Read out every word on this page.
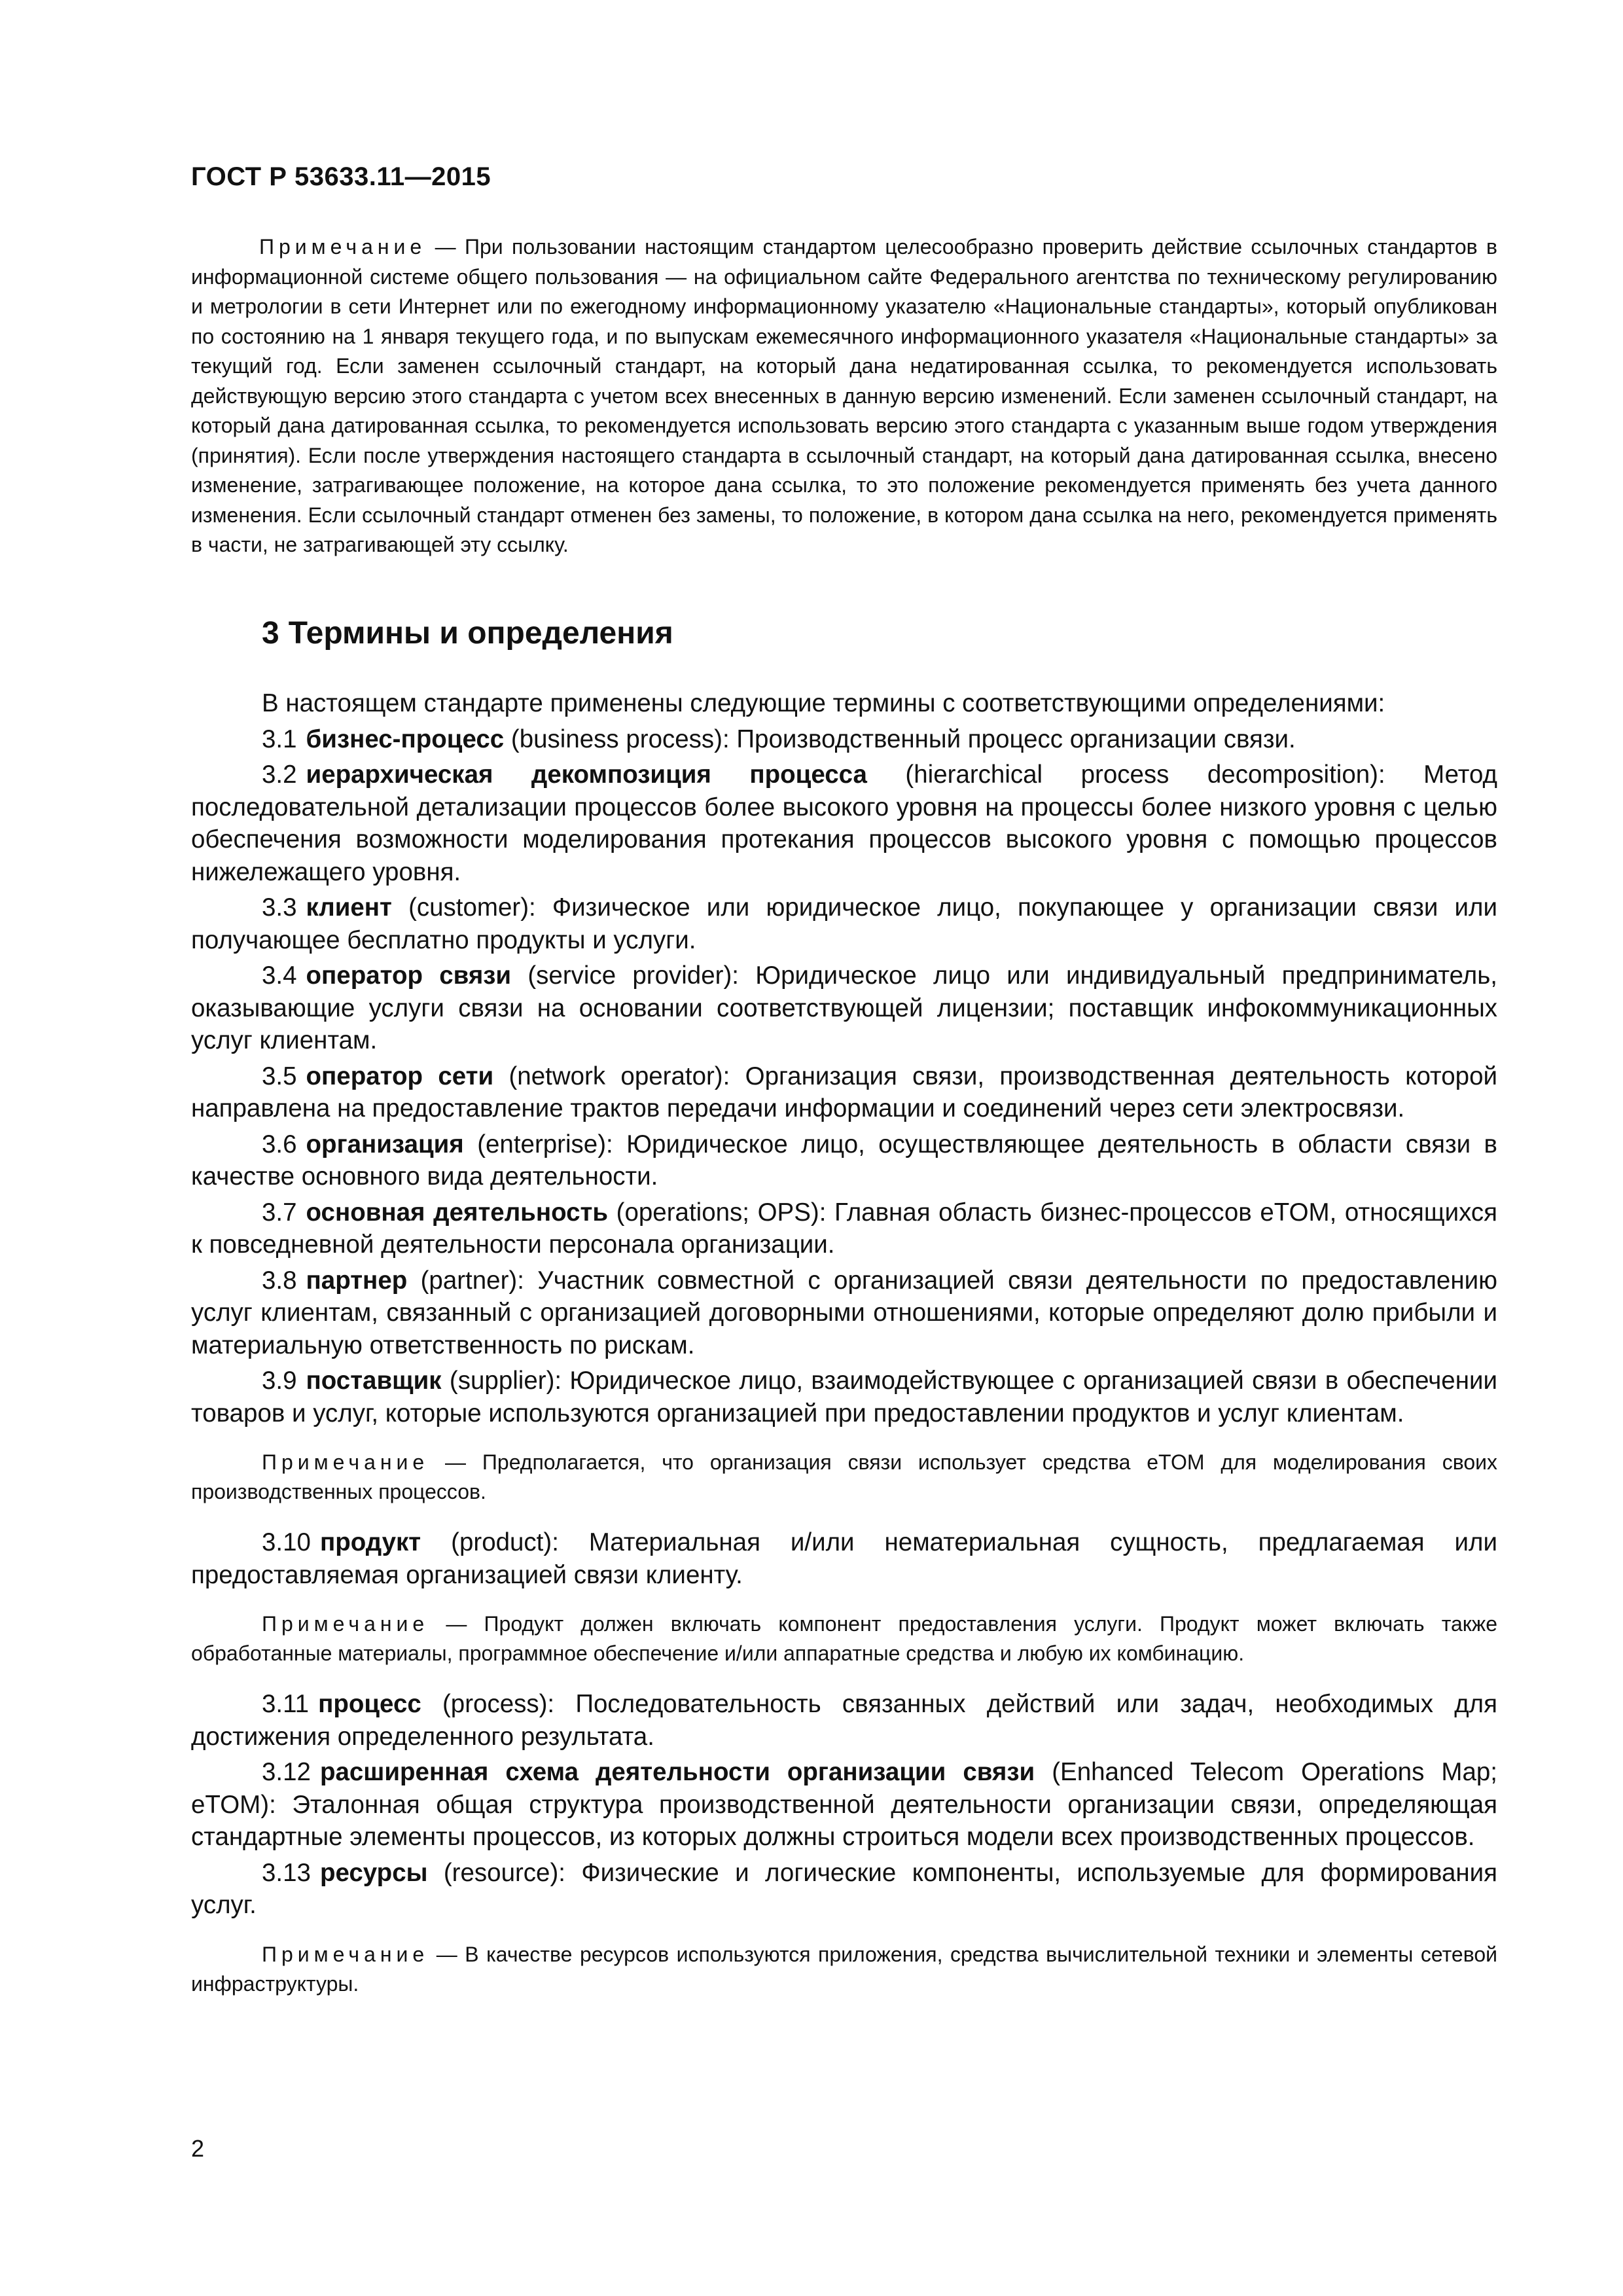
ГОСТ Р 53633.11—2015

Примечание — При пользовании настоящим стандартом целесообразно проверить действие ссылочных стандартов в информационной системе общего пользования — на официальном сайте Федерального агентства по техническому регулированию и метрологии в сети Интернет или по ежегодному информационному указателю «Национальные стандарты», который опубликован по состоянию на 1 января текущего года, и по выпускам ежемесячного информационного указателя «Национальные стандарты» за текущий год. Если заменен ссылочный стандарт, на который дана недатированная ссылка, то рекомендуется использовать действующую версию этого стандарта с учетом всех внесенных в данную версию изменений. Если заменен ссылочный стандарт, на который дана датированная ссылка, то рекомендуется использовать версию этого стандарта с указанным выше годом утверждения (принятия). Если после утверждения настоящего стандарта в ссылочный стандарт, на который дана датированная ссылка, внесено изменение, затрагивающее положение, на которое дана ссылка, то это положение рекомендуется применять без учета данного изменения. Если ссылочный стандарт отменен без замены, то положение, в котором дана ссылка на него, рекомендуется применять в части, не затрагивающей эту ссылку.

3 Термины и определения

В настоящем стандарте применены следующие термины с соответствующими определениями:

3.1 бизнес-процесс (business process): Производственный процесс организации связи.

3.2 иерархическая декомпозиция процесса (hierarchical process decomposition): Метод последовательной детализации процессов более высокого уровня на процессы более низкого уровня с целью обеспечения возможности моделирования протекания процессов высокого уровня с помощью процессов нижележащего уровня.

3.3 клиент (customer): Физическое или юридическое лицо, покупающее у организации связи или получающее бесплатно продукты и услуги.

3.4 оператор связи (service provider): Юридическое лицо или индивидуальный предприниматель, оказывающие услуги связи на основании соответствующей лицензии; поставщик инфокоммуникационных услуг клиентам.

3.5 оператор сети (network operator): Организация связи, производственная деятельность которой направлена на предоставление трактов передачи информации и соединений через сети электросвязи.

3.6 организация (enterprise): Юридическое лицо, осуществляющее деятельность в области связи в качестве основного вида деятельности.

3.7 основная деятельность (operations; OPS): Главная область бизнес-процессов eTOM, относящихся к повседневной деятельности персонала организации.

3.8 партнер (partner): Участник совместной с организацией связи деятельности по предоставлению услуг клиентам, связанный с организацией договорными отношениями, которые определяют долю прибыли и материальную ответственность по рискам.

3.9 поставщик (supplier): Юридическое лицо, взаимодействующее с организацией связи в обеспечении товаров и услуг, которые используются организацией при предоставлении продуктов и услуг клиентам.

Примечание — Предполагается, что организация связи использует средства eTOM для моделирования своих производственных процессов.

3.10 продукт (product): Материальная и/или нематериальная сущность, предлагаемая или предоставляемая организацией связи клиенту.

Примечание — Продукт должен включать компонент предоставления услуги. Продукт может включать также обработанные материалы, программное обеспечение и/или аппаратные средства и любую их комбинацию.

3.11 процесс (process): Последовательность связанных действий или задач, необходимых для достижения определенного результата.

3.12 расширенная схема деятельности организации связи (Enhanced Telecom Operations Map; eTOM): Эталонная общая структура производственной деятельности организации связи, определяющая стандартные элементы процессов, из которых должны строиться модели всех производственных процессов.

3.13 ресурсы (resource): Физические и логические компоненты, используемые для формирования услуг.

Примечание — В качестве ресурсов используются приложения, средства вычислительной техники и элементы сетевой инфраструктуры.

2
